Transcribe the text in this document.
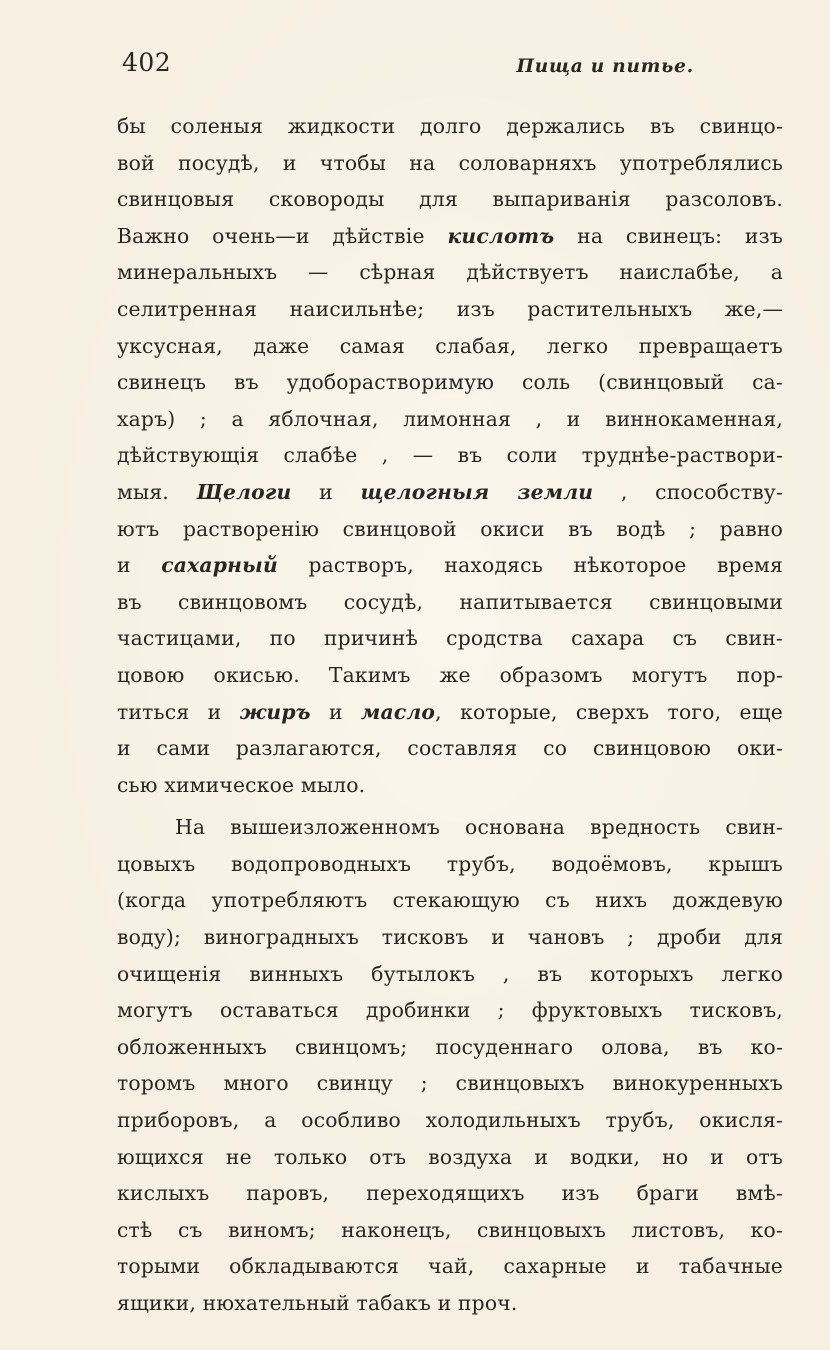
402	Пища и питье.
бы соленыя жидкости долго держались въ свинцо-
вой посудѣ, и чтобы на соловарняхъ употреблялись
свинцовыя сковороды для выпариванія разсоловъ.
Важно очень—и дѣйствіе кислотъ на свинецъ: изъ
минеральныхъ — сѣрная дѣйствуетъ наислабѣе, а
селитренная наисильнѣе; изъ растительныхъ же,—
уксусная, даже самая слабая, легко превращаетъ
свинецъ въ удоборастворимую соль (свинцовый са-
харъ) ; а яблочная, лимонная , и виннокаменная,
дѣйствующія слабѣе , — въ соли труднѣе-раствори-
мыя. Щелоги и щелогныя земли , способству-
ютъ растворенію свинцовой окиси въ водѣ ; равно
и сахарный растворъ, находясь нѣкоторое время
въ свинцовомъ сосудѣ, напитывается свинцовыми
частицами, по причинѣ сродства сахара съ свин-
цовою окисью. Такимъ же образомъ могутъ пор-
титься и жиръ и масло, которые, сверхъ того, еще
и сами разлагаются, составляя со свинцовою оки-
сью химическое мыло.
На вышеизложенномъ основана вредность свин-
цовыхъ водопроводныхъ трубъ, водоёмовъ, крышъ
(когда употребляютъ стекающую съ нихъ дождевую
воду); виноградныхъ тисковъ и чановъ ; дроби для
очищенія винныхъ бутылокъ , въ которыхъ легко
могутъ оставаться дробинки ; фруктовыхъ тисковъ,
обложенныхъ свинцомъ; посуденнаго олова, въ ко-
торомъ много свинцу ; свинцовыхъ винокуренныхъ
приборовъ, а особливо холодильныхъ трубъ, окисля-
ющихся не только отъ воздуха и водки, но и отъ
кислыхъ паровъ, переходящихъ изъ браги вмѣ-
стѣ съ виномъ; наконецъ, свинцовыхъ листовъ, ко-
торыми обкладываются чай, сахарные и табачные
ящики, нюхательный табакъ и проч.
